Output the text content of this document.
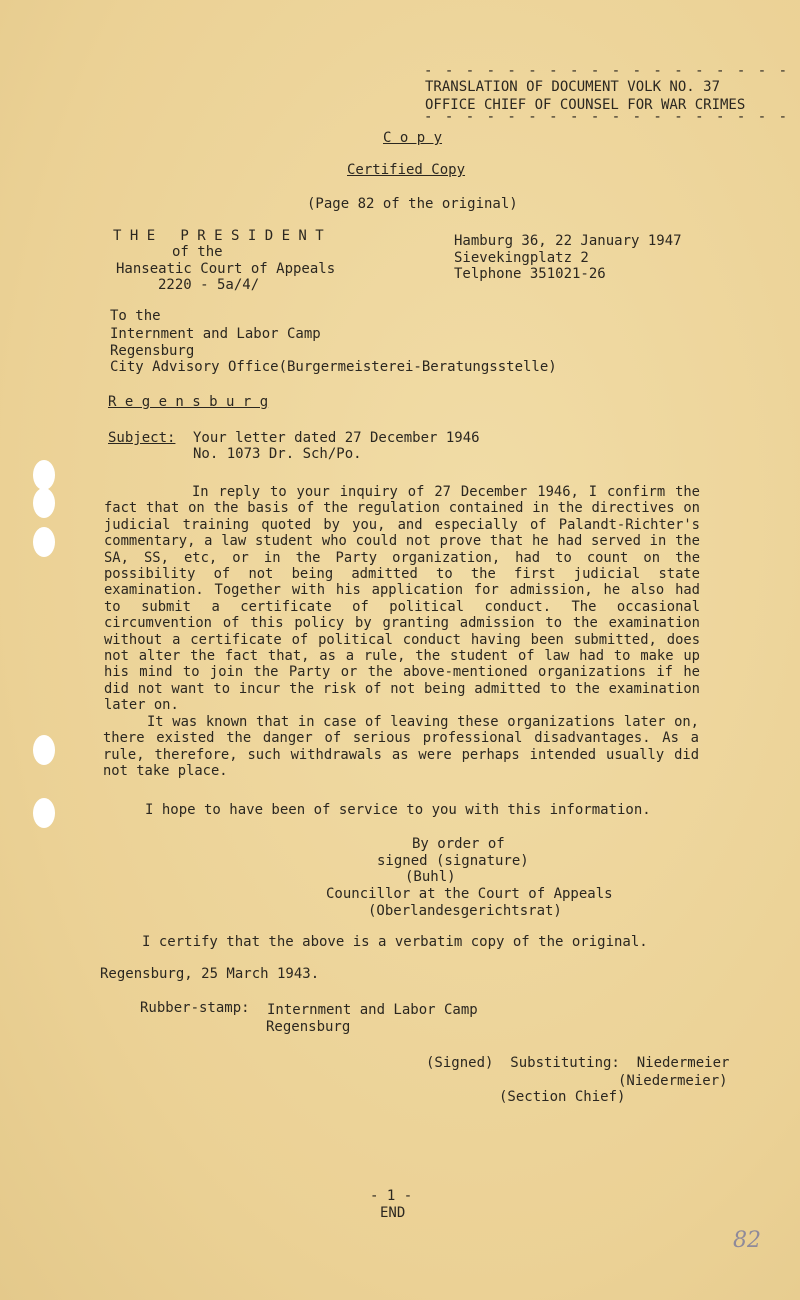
- - - - - - - - - - - - - - - - - -
TRANSLATION OF DOCUMENT VOLK NO. 37
OFFICE CHIEF OF COUNSEL FOR WAR CRIMES
- - - - - - - - - - - - - - - - - -
C o p y
Certified Copy
(Page 82 of the original)
T H E   P R E S I D E N T
of the
Hanseatic Court of Appeals
2220 - 5a/4/
Hamburg 36, 22 January 1947
Sievekingplatz 2
Telphone 351021-26
To the
Internment and Labor Camp
Regensburg
City Advisory Office(Burgermeisterei-Beratungsstelle)
R e g e n s b u r g
Subject: Your letter dated 27 December 1946
No. 1073 Dr. Sch/Po.
In reply to your inquiry of 27 December 1946, I confirm the fact that on the basis of the regulation contained in the directives on judicial training quoted by you, and especially of Palandt-Richter's commentary, a law student who could not prove that he had served in the SA, SS, etc, or in the Party organization, had to count on the possibility of not being admitted to the first judicial state examination. Together with his application for admission, he also had to submit a certificate of political conduct. The occasional circumvention of this policy by granting admission to the examination without a certificate of political conduct having been submitted, does not alter the fact that, as a rule, the student of law had to make up his mind to join the Party or the above-mentioned organizations if he did not want to incur the risk of not being admitted to the examination later on.
It was known that in case of leaving these organizations later on, there existed the danger of serious professional disadvantages. As a rule, therefore, such withdrawals as were perhaps intended usually did not take place.
I hope to have been of service to you with this information.
By order of
signed (signature)
(Buhl)
Councillor at the Court of Appeals
(Oberlandesgerichtsrat)
I certify that the above is a verbatim copy of the original.
Regensburg, 25 March 1943.
Rubber-stamp: Internment and Labor Camp
Regensburg
(Signed)  Substituting:  Niedermeier
(Niedermeier)
(Section Chief)
- 1 -
END
82
